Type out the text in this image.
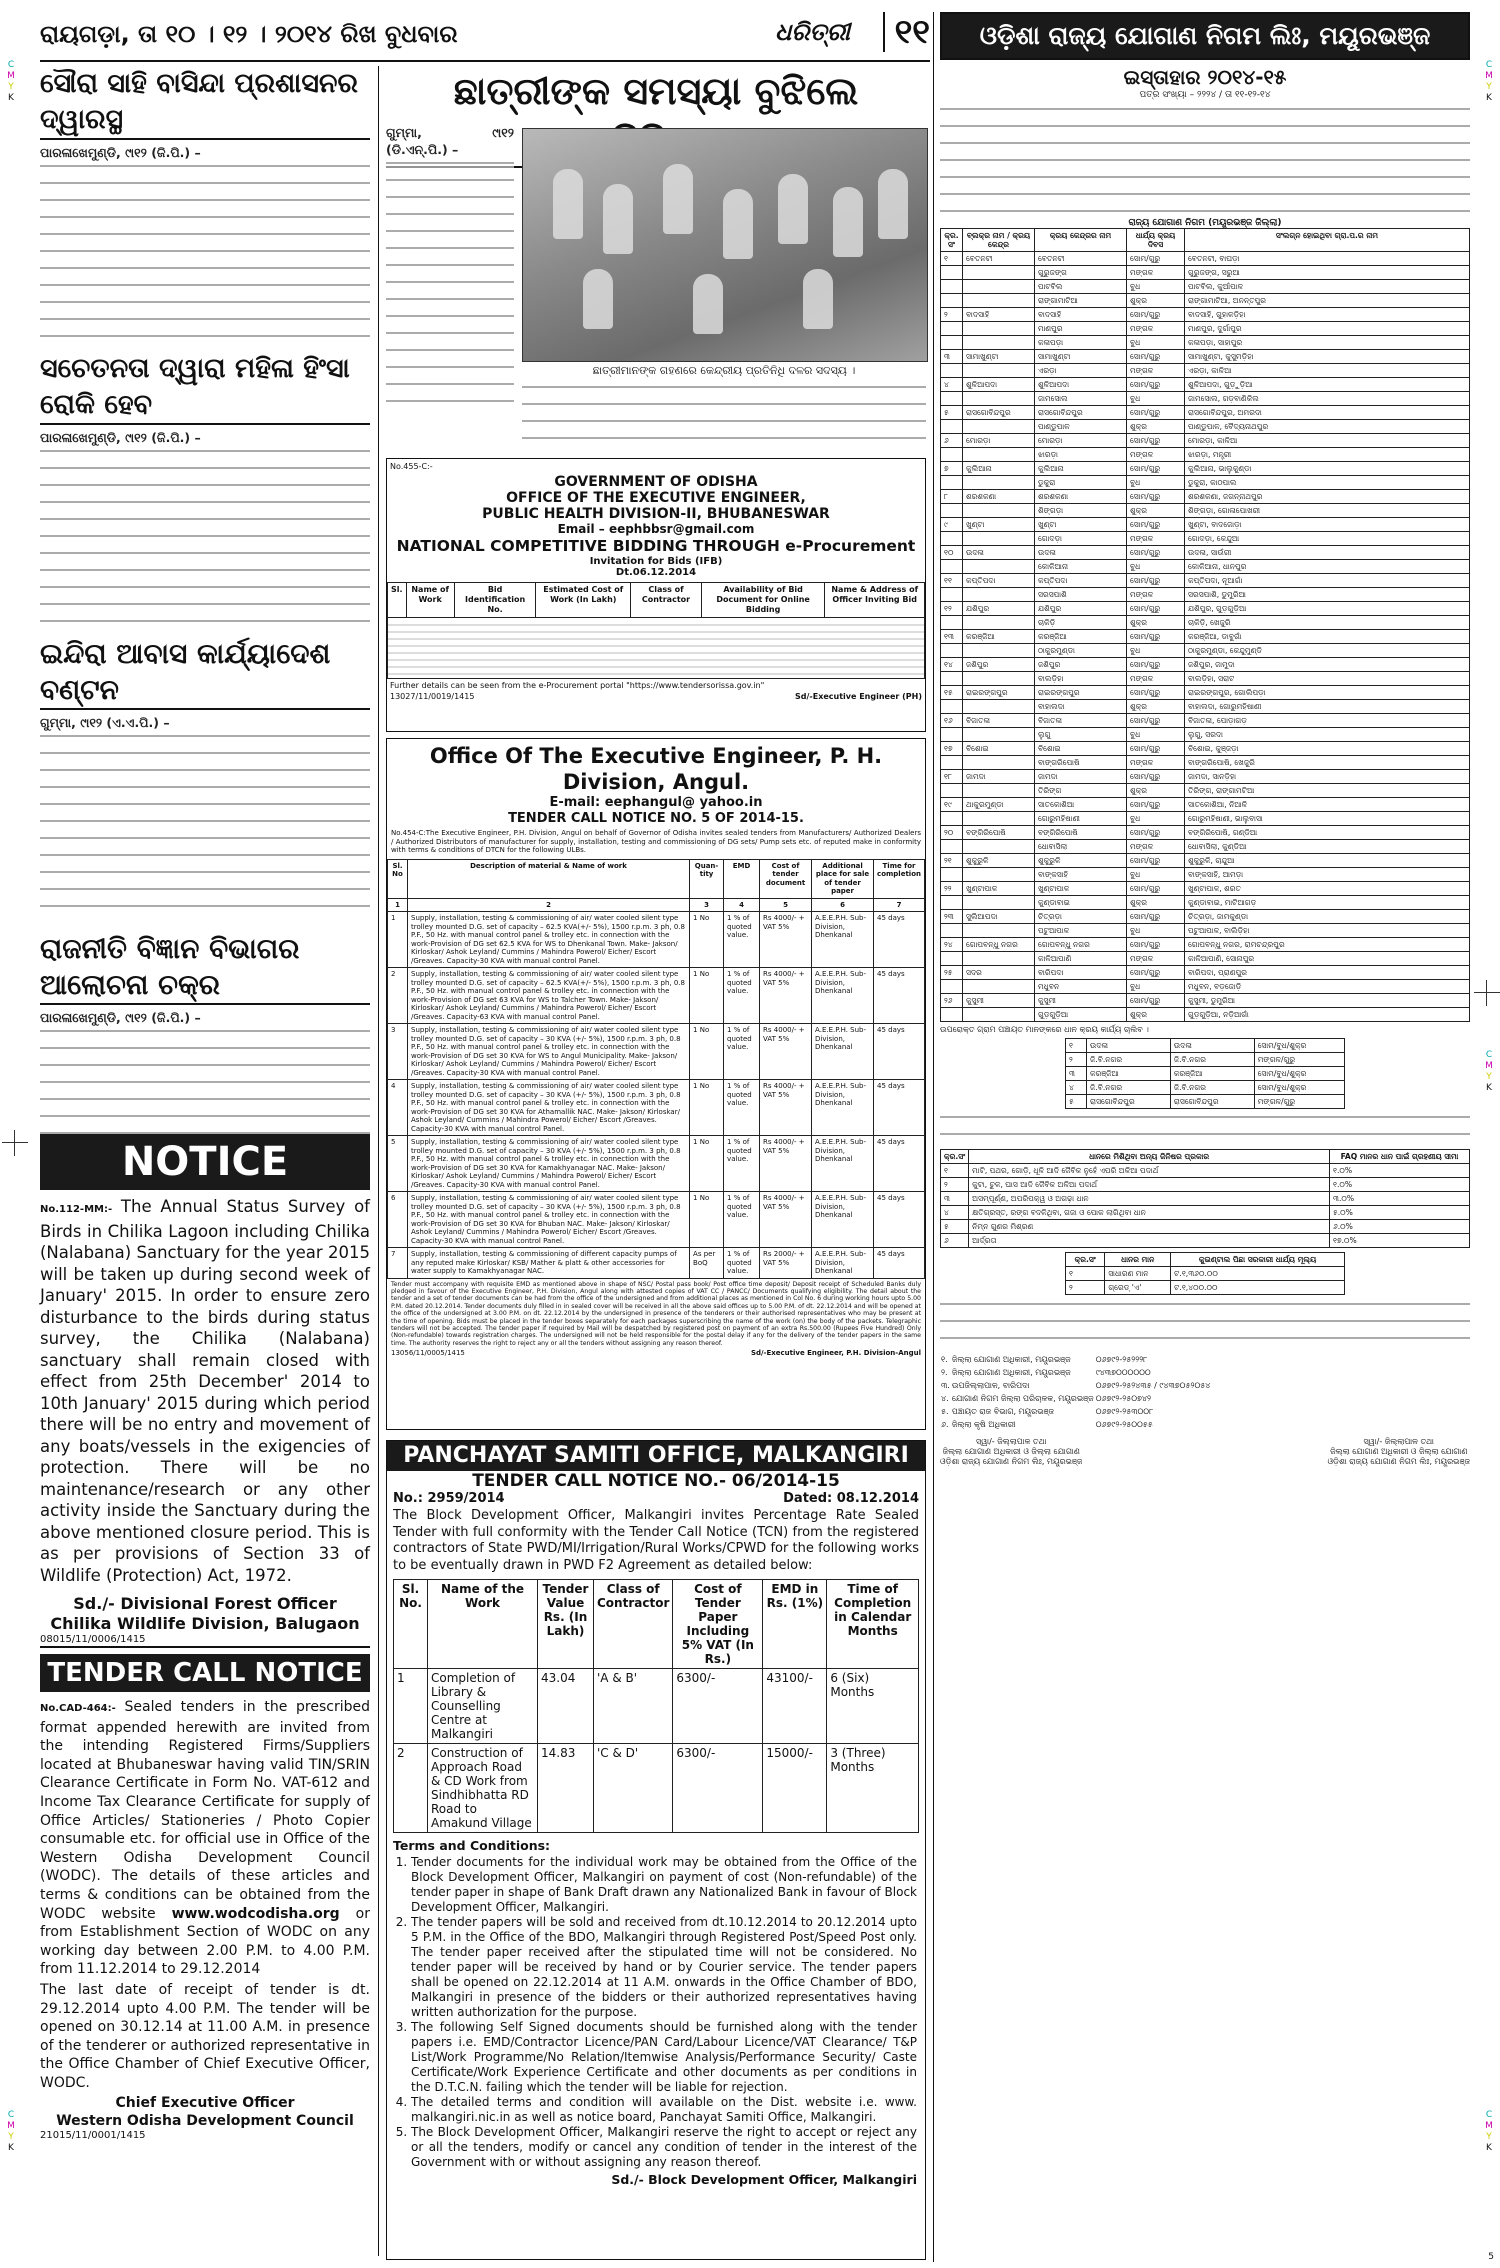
C
M
Y
K
C
M
Y
K
C
M
Y
K
C
M
Y
K
C
M
Y
K
5
ରାୟଗଡ଼ା, ତା ୧୦ । ୧୨ । ୨୦୧୪ ରିଖ ବୁଧବାର	ଧରିତ୍ରୀ	୧୧
ସୌରା ସାହି ବାସିନ୍ଦା ପ୍ରଶାସନର ଦ୍ୱାରସ୍ଥ
ପାରଳାଖେମୁଣ୍ଡି, ୯ା୧୨ (ଜି.ପି.) –
ସଚେତନତା ଦ୍ୱାରା ମହିଳା ହିଂସା ରୋକି ହେବ
ପାରଳାଖେମୁଣ୍ଡି, ୯ା୧୨ (ଜି.ପି.) –
ଇନ୍ଦିରା ଆବାସ କାର୍ଯ୍ୟାଦେଶ ବଣ୍ଟନ
ଗୁମ୍ମା, ୯ା୧୨ (ଏ.ଏ.ପି.) –
ରାଜନୀତି ବିଜ୍ଞାନ ବିଭାଗର ଆଲୋଚନା ଚକ୍ର
ପାରଳାଖେମୁଣ୍ଡି, ୯ା୧୨ (ଜି.ପି.) –
NOTICE
No.112-MM:- The Annual Status Survey of Birds in Chilika Lagoon including Chilika (Nalabana) Sanctuary for the year 2015 will be taken up during second week of January' 2015. In order to ensure zero disturbance to the birds during status survey, the Chilika (Nalabana) sanctuary shall remain closed with effect from 25th December' 2014 to 10th January' 2015 during which period there will be no entry and movement of any boats/vessels in the exigencies of protection. There will be no maintenance/research or any other activity inside the Sanctuary during the above mentioned closure period. This is as per provisions of Section 33 of Wildlife (Protection) Act, 1972.
Sd./- Divisional Forest Officer
Chilika Wildlife Division, Balugaon
08015/11/0006/1415
TENDER CALL NOTICE
No.CAD-464:- Sealed tenders in the prescribed format appended herewith are invited from the intending Registered Firms/Suppliers located at Bhubaneswar having valid TIN/SRIN Clearance Certificate in Form No. VAT-612 and Income Tax Clearance Certificate for supply of Office Articles/ Stationeries / Photo Copier consumable etc. for official use in Office of the Western Odisha Development Council (WODC). The details of these articles and terms & conditions can be obtained from the WODC website www.wodcodisha.org or from Establishment Section of WODC on any working day between 2.00 P.M. to 4.00 P.M. from 11.12.2014 to 29.12.2014
The last date of receipt of tender is dt. 29.12.2014 upto 4.00 P.M. The tender will be opened on 30.12.14 at 11.00 A.M. in presence of the tenderer or authorized representative in the Office Chamber of Chief Executive Officer, WODC.
Chief Executive Officer
Western Odisha Development Council
21015/11/0001/1415
ଛାତ୍ରୀଙ୍କ ସମସ୍ୟା ବୁଝିଲେ
ଗୁମ୍ମା, ୯ା୧୨ (ଡି.ଏନ୍.ପି.) –
ଛାତ୍ରୀମାନଙ୍କ ଗହଣରେ କେନ୍ଦ୍ରୀୟ ପ୍ରତିନିଧି ଦଳର ସଦସ୍ୟ ।
No.455-C:-
GOVERNMENT OF ODISHA
OFFICE OF THE EXECUTIVE ENGINEER,
PUBLIC HEALTH DIVISION-II, BHUBANESWAR
Email – eephbbsr@gmail.com
NATIONAL COMPETITIVE BIDDING THROUGH e-Procurement
Invitation for Bids (IFB)
Dt.06.12.2014
Sl.	Name of Work	Bid Identification No.	Estimated Cost of Work (In Lakh)	Class of Contractor	Availability of Bid Document for Online Bidding	Name & Address of Officer Inviting Bid

Further details can be seen from the e-Procurement portal "https://www.tendersorissa.gov.in"
13027/11/0019/1415	Sd/-Executive Engineer (PH)
Office Of The Executive Engineer, P. H. Division, Angul.
E-mail: eephangul@ yahoo.in
TENDER CALL NOTICE NO. 5 OF 2014-15.
No.454-C:The Executive Engineer, P.H. Division, Angul on behalf of Governor of Odisha invites sealed tenders from Manufacturers/ Authorized Dealers / Authorized Distributors of manufacturer for supply, installation, testing and commissioning of DG sets/ Pump sets etc. of reputed make in conformity with terms & conditions of DTCN for the following ULBs.
Sl. No	Description of material & Name of work	Quan-tity	EMD	Cost of tender document	Additional place for sale of tender paper	Time for completion
1	2	3	4	5	6	7
1	Supply, installation, testing & commissioning of air/ water cooled silent type trolley mounted D.G. set of capacity – 62.5 KVA(+/- 5%), 1500 r.p.m. 3 ph, 0.8 P.F., 50 Hz. with manual control panel & trolley etc. in connection with the work-Provision of DG set 62.5 KVA for WS to Dhenkanal Town. Make- Jakson/ Kirloskar/ Ashok Leyland/ Cummins / Mahindra Powerol/ Eicher/ Escort /Greaves. Capacity-30 KVA with manual control Panel.	1 No	1 % of quoted value.	Rs 4000/- + VAT 5%	A.E.E.P.H. Sub-Division, Dhenkanal	45 days
2	Supply, installation, testing & commissioning of air/ water cooled silent type trolley mounted D.G. set of capacity – 62.5 KVA(+/- 5%), 1500 r.p.m. 3 ph, 0.8 P.F., 50 Hz. with manual control panel & trolley etc. in connection with the work-Provision of DG set 63 KVA for WS to Talcher Town. Make- Jakson/ Kirloskar/ Ashok Leyland/ Cummins / Mahindra Powerol/ Eicher/ Escort /Greaves. Capacity-63 KVA with manual control Panel.	1 No	1 % of quoted value.	Rs 4000/- + VAT 5%	A.E.E.P.H. Sub-Division, Dhenkanal	45 days
3	Supply, installation, testing & commissioning of air/ water cooled silent type trolley mounted D.G. set of capacity – 30 KVA (+/- 5%), 1500 r.p.m. 3 ph, 0.8 P.F., 50 Hz. with manual control panel & trolley etc. in connection with the work-Provision of DG set 30 KVA for WS to Angul Municipality. Make- Jakson/ Kirloskar/ Ashok Leyland/ Cummins / Mahindra Powerol/ Eicher/ Escort /Greaves. Capacity-30 KVA with manual control Panel.	1 No	1 % of quoted value.	Rs 4000/- + VAT 5%	A.E.E.P.H. Sub-Division, Dhenkanal	45 days
4	Supply, installation, testing & commissioning of air/ water cooled silent type trolley mounted D.G. set of capacity – 30 KVA (+/- 5%), 1500 r.p.m. 3 ph, 0.8 P.F., 50 Hz. with manual control panel & trolley etc. in connection with the work-Provision of DG set 30 KVA for Athamallik NAC. Make- Jakson/ Kirloskar/ Ashok Leyland/ Cummins / Mahindra Powerol/ Eicher/ Escort /Greaves. Capacity-30 KVA with manual control Panel.	1 No	1 % of quoted value.	Rs 4000/- + VAT 5%	A.E.E.P.H. Sub-Division, Dhenkanal	45 days
5	Supply, installation, testing & commissioning of air/ water cooled silent type trolley mounted D.G. set of capacity – 30 KVA (+/- 5%), 1500 r.p.m. 3 ph, 0.8 P.F., 50 Hz. with manual control panel & trolley etc. in connection with the work-Provision of DG set 30 KVA for Kamakhyanagar NAC. Make- Jakson/ Kirloskar/ Ashok Leyland/ Cummins / Mahindra Powerol/ Eicher/ Escort /Greaves. Capacity-30 KVA with manual control Panel.	1 No	1 % of quoted value.	Rs 4000/- + VAT 5%	A.E.E.P.H. Sub-Division, Dhenkanal	45 days
6	Supply, installation, testing & commissioning of air/ water cooled silent type trolley mounted D.G. set of capacity – 30 KVA (+/- 5%), 1500 r.p.m. 3 ph, 0.8 P.F., 50 Hz. with manual control panel & trolley etc. in connection with the work-Provision of DG set 30 KVA for Bhuban NAC. Make- Jakson/ Kirloskar/ Ashok Leyland/ Cummins / Mahindra Powerol/ Eicher/ Escort /Greaves. Capacity-30 KVA with manual control Panel.	1 No	1 % of quoted value.	Rs 4000/- + VAT 5%	A.E.E.P.H. Sub-Division, Dhenkanal	45 days
7	Supply, installation, testing & commissioning of different capacity pumps of any reputed make Kirloskar/ KSB/ Mather & platt & other accessories for water supply to Kamakhyanagar NAC.	As per BoQ	1 % of quoted value.	Rs 2000/- + VAT 5%	A.E.E.P.H. Sub-Division, Dhenkanal	45 days
Tender must accompany with requisite EMD as mentioned above in shape of NSC/ Postal pass book/ Post office time deposit/ Deposit receipt of Scheduled Banks duly pledged in favour of the Executive Engineer, P.H. Division, Angul along with attested copies of VAT CC / PANCC/ Documents qualifying eligibility. The detail about the tender and a set of tender documents can be had from the office of the undersigned and from additional places as mentioned in Col No. 6 during working hours upto 5.00 P.M. dated 20.12.2014. Tender documents duly filled in in sealed cover will be received in all the above said offices up to 5.00 P.M. of dt. 22.12.2014 and will be opened at the office of the undersigned at 3.00 P.M. on dt. 22.12.2014 by the undersigned in presence of the tenderers or their authorised representatives who may be present at the time of opening. Bids must be placed in the tender boxes separately for each packages superscribing the name of the work (on) the body of the packets. Telegraphic tenders will not be accepted. The tender paper if required by Mail will be despatched by registered post on payment of an extra Rs.500.00 (Rupees Five Hundred) Only (Non-refundable) towards registration charges. The undersigned will not be held responsible for the postal delay if any for the delivery of the tender papers in the same time. The authority reserves the right to reject any or all the tenders without assigning any reason thereof.
13056/11/0005/1415	Sd/-Executive Engineer, P.H. Division-Angul
PANCHAYAT SAMITI OFFICE, MALKANGIRI
TENDER CALL NOTICE NO.- 06/2014-15
No.: 2959/2014	Dated: 08.12.2014
The Block Development Officer, Malkangiri invites Percentage Rate Sealed Tender with full conformity with the Tender Call Notice (TCN) from the registered contractors of State PWD/MI/Irrigation/Rural Works/CPWD for the following works to be eventually drawn in PWD F2 Agreement as detailed below:
Sl. No.	Name of the Work	Tender Value Rs. (In Lakh)	Class of Contractor	Cost of Tender Paper Including 5% VAT (In Rs.)	EMD in Rs. (1%)	Time of Completion in Calendar Months
1	Completion of Library & Counselling Centre at Malkangiri	43.04	'A & B'	6300/-	43100/-	6 (Six) Months
2	Construction of Approach Road & CD Work from Sindhibhatta RD Road to Amakund Village	14.83	'C & D'	6300/-	15000/-	3 (Three) Months
Terms and Conditions:
1. Tender documents for the individual work may be obtained from the Office of the Block Development Officer, Malkangiri on payment of cost (Non-refundable) of the tender paper in shape of Bank Draft drawn any Nationalized Bank in favour of Block Development Officer, Malkangiri.
2. The tender papers will be sold and received from dt.10.12.2014 to 20.12.2014 upto 5 P.M. in the Office of the BDO, Malkangiri through Registered Post/Speed Post only. The tender paper received after the stipulated time will not be considered. No tender paper will be received by hand or by Courier service. The tender papers shall be opened on 22.12.2014 at 11 A.M. onwards in the Office Chamber of BDO, Malkangiri in presence of the bidders or their authorized representatives having written authorization for the purpose.
3. The following Self Signed documents should be furnished along with the tender papers i.e. EMD/Contractor Licence/PAN Card/Labour Licence/VAT Clearance/ T&P List/Work Programme/No Relation/Itemwise Analysis/Performance Security/ Caste Certificate/Work Experience Certificate and other documents as per conditions in the D.T.C.N. failing which the tender will be liable for rejection.
4. The detailed terms and condition will available on the Dist. website i.e. www. malkangiri.nic.in as well as notice board, Panchayat Samiti Office, Malkangiri.
5. The Block Development Officer, Malkangiri reserve the right to accept or reject any or all the tenders, modify or cancel any condition of tender in the interest of the Government with or without assigning any reason thereof.
Sd./- Block Development Officer, Malkangiri
ଓଡ଼ିଶା ରାଜ୍ୟ ଯୋଗାଣ ନିଗମ ଲିଃ, ମୟୂରଭଞ୍ଜ
ଇସ୍ତାହାର ୨୦୧୪-୧୫
ପତ୍ର ସଂଖ୍ୟା – ୨୨୨୪ / ତା ୧୧-୧୨-୧୪
ରାଜ୍ୟ ଯୋଗାଣ ନିଗମ (ମୟୂରଭଞ୍ଜ ଜିଲ୍ଲା)
କ୍ର. ସଂ	ବ୍ଲକ୍‌ର ନାମ / କ୍ରୟ କେନ୍ଦ୍ର	କ୍ରୟ କେନ୍ଦ୍ରର ନାମ	ଧାର୍ଯ୍ୟ କ୍ରୟ ଦିବସ	ସଂଲଗ୍ନ ହୋଇଥିବା ଗ୍ରା.ପ.ର ନାମ
୧	ବେତନଟୀ	ବେତନଟୀ	ସୋମ/ଗୁରୁ	ବେତନଟୀ, ବାଘଡ଼ା
		ଗୁରୁଜଙ୍ଗ	ମଙ୍ଗଳ	ଗୁରୁଜଙ୍ଗ, ସରୁଆ
		ପାଟବିଲ	ବୁଧ	ପାଟବିଲ, କୁଆଁପାଳ
		ରାଙ୍ଗାମାଟିଆ	ଶୁକ୍ର	ରାଙ୍ଗାମାଟିଆ, ଅନନ୍ତପୁର
୨	ବାଦସାହି	ବାଦସାହି	ସୋମ/ଗୁରୁ	ବାଦସାହି, ଗୁହାଳଡ଼ିହା
		ମାଣପୁର	ମଙ୍ଗଳ	ମାଣପୁର, ଦୁର୍ଗାପୁର
		କଳାପଡ଼ା	ବୁଧ	କଳାପଡ଼ା, ସାହାପୁର
୩	ସାମାଖୁଣ୍ଟା	ସାମାଖୁଣ୍ଟା	ସୋମ/ଗୁରୁ	ସାମାଖୁଣ୍ଟା, କୁସୁମଡ଼ିହା
		ଏରଡ଼ା	ମଙ୍ଗଳ	ଏରଡ଼ା, କାଳିଆ
୪	ଶୁଳିଆପଦା	ଶୁଳିଆପଦା	ସୋମ/ଗୁରୁ	ଶୁଳିଆପଦା, ଗୁଡ଼ୁଡ଼ିଆ
		ଜାମସୋଲ	ବୁଧ	ଜାମସୋଲ, ଗଡ଼ବାଣିକିଲ
୫	ରାସଗୋବିନ୍ଦପୁର	ରାସଗୋବିନ୍ଦପୁର	ସୋମ/ଗୁରୁ	ରାସଗୋବିନ୍ଦପୁର, ଅମରଦା
		ପାଣ୍ଡୁପାଳ	ଶୁକ୍ର	ପାଣ୍ଡୁପାଳ, ବୈଦ୍ୟନାଥପୁର
୬	ମୋରଡ଼ା	ମୋରଡ଼ା	ସୋମ/ଗୁରୁ	ମୋରଡ଼ା, କାଳିଆ
		ଝାରଡ଼ା	ମଙ୍ଗଳ	ଝାରଡ଼ା, ମନ୍ତ୍ରୀ
୭	କୁଲିଆନା	କୁଲିଆନା	ସୋମ/ଗୁରୁ	କୁଲିଆନା, ଭାଲୁକୁଣ୍ଡା
		ଡୁକୁରା	ବୁଧ	ଡୁକୁରା, କାଠପାଲ
୮	ଶରଶକଣା	ଶରଶକଣା	ସୋମ/ଗୁରୁ	ଶରଶକଣା, ଜଗନ୍ନାଥପୁର
		ଶିଙ୍ଗଡ଼ା	ଶୁକ୍ର	ଶିଙ୍ଗଡ଼ା, ଗୋଳାପୋଖରୀ
୯	ଖୁଣ୍ଟା	ଖୁଣ୍ଟା	ସୋମ/ଗୁରୁ	ଖୁଣ୍ଟା, ବାଦଜୋଡ଼ା
		ଗୋଦଡ଼ା	ମଙ୍ଗଳ	ଗୋଦଡ଼ା, କେନ୍ଦୁଆ
୧୦	ଉଦଳା	ଉଦଳା	ସୋମ/ଗୁରୁ	ଉଦଳା, ସାଉଁରୀ
		କୋଳିଆନା	ବୁଧ	କୋଳିଆନା, ଧାନପୁର
୧୧	କପ୍ତିପଦା	କପ୍ତିପଦା	ସୋମ/ଗୁରୁ	କପ୍ତିପଦା, ନୂଆଗାଁ
		ସରସପାଶି	ମଙ୍ଗଳ	ସରସପାଶି, ଡୁମୁରିଆ
୧୨	ଯଶିପୁର	ଯଶିପୁର	ସୋମ/ଗୁରୁ	ଯଶିପୁର, ଗୁଡ଼ଗୁଡ଼ିଆ
		ଚାକିଡ଼ି	ଶୁକ୍ର	ଚାକିଡ଼ି, ଖେଜୁରି
୧୩	କରଞ୍ଜିଆ	କରଞ୍ଜିଆ	ସୋମ/ଗୁରୁ	କରଞ୍ଜିଆ, ଡାବୁଗାଁ
		ଠାକୁରମୁଣ୍ଡା	ବୁଧ	ଠାକୁରମୁଣ୍ଡା, କେନ୍ଦୁମୁଣ୍ଡି
୧୪	ଜଶିପୁର	ଜଶିପୁର	ସୋମ/ଗୁରୁ	ଜଶିପୁର, ଜାମୁଦା
		ବାଲଡ଼ିହା	ମଙ୍ଗଳ	ବାଲଡ଼ିହା, ସରାଟ
୧୫	ରାଇରଙ୍ଗପୁର	ରାଇରଙ୍ଗପୁର	ସୋମ/ଗୁରୁ	ରାଇରଙ୍ଗପୁର, ଗୋଲିପଡ଼ା
		ବାହାଲଦା	ଶୁକ୍ର	ବାହାଲଦା, ଗୋରୁମହିଷାଣୀ
୧୬	ବିଜାତଳା	ବିଜାତଳା	ସୋମ/ଗୁରୁ	ବିଜାତଳା, ପୋଡ଼ାଗଡ଼
		ଲୁଗୁ	ବୁଧ	ଲୁଗୁ, ସରଦା
୧୭	ବିଶୋଇ	ବିଶୋଇ	ସୋମ/ଗୁରୁ	ବିଶୋଇ, କୁଞ୍ଜଡ଼ା
		ବାଙ୍ଗରିପୋଷି	ମଙ୍ଗଳ	ବାଙ୍ଗରିପୋଷି, ଖେଜୁରି
୧୮	ଜାମଦା	ଜାମଦା	ସୋମ/ଗୁରୁ	ଜାମଦା, ସାନଡ଼ିହା
		ତିରିଙ୍ଗ	ଶୁକ୍ର	ତିରିଙ୍ଗ, ରାଙ୍ଗାମଟିଆ
୧୯	ଥାକୁରମୁଣ୍ଡା	ସାତକୋଶିଆ	ସୋମ/ଗୁରୁ	ସାତକୋଶିଆ, ନିଆଳି
		ଗୋରୁମହିଷାଣୀ	ବୁଧ	ଗୋରୁମହିଷାଣୀ, ଭାଲୁବାସା
୨୦	ବଙ୍ଗିରିପୋଷି	ବଙ୍ଗିରିପୋଷି	ସୋମ/ଗୁରୁ	ବଙ୍ଗିରିପୋଷି, ଗଣ୍ଡିଆ
		ଧୋବାସିଲା	ମଙ୍ଗଳ	ଧୋବାସିଲା, କୁଣ୍ଡିଆ
୨୧	ଶୁକୁରୁଳି	ଶୁକୁରୁଳି	ସୋମ/ଗୁରୁ	ଶୁକୁରୁଳି, ଚାନ୍ଦୁଆ
		ବାଙ୍କସାହି	ବୁଧ	ବାଙ୍କସାହି, ଆମଡ଼ା
୨୨	ଖୁଣ୍ଟାପାଳ	ଖୁଣ୍ଟାପାଳ	ସୋମ/ଗୁରୁ	ଖୁଣ୍ଟାପାଳ, ଶରତ
		କୁଣ୍ଡାବାଇ	ଶୁକ୍ର	କୁଣ୍ଡାବାଇ, ମାଟିଆଗଡ଼
୨୩	ସୁଲିଆପଦା	ଚିତ୍ରଡ଼ା	ସୋମ/ଗୁରୁ	ଚିତ୍ରଡ଼ା, ଜାମକୁଣ୍ଡା
		ପଟୁଆପାଳ	ବୁଧ	ପଟୁଆପାଳ, ବାଲିଡ଼ିହା
୨୪	ଗୋପବନ୍ଧୁ ନଗର	ଗୋପବନ୍ଧୁ ନଗର	ସୋମ/ଗୁରୁ	ଗୋପବନ୍ଧୁ ନଗର, ରାମଚନ୍ଦ୍ରପୁର
		କାଳିଆପାଣି	ମଙ୍ଗଳ	କାଳିଆପାଣି, ସୋନାପୁର
୨୫	ସଦର	ବାରିପଦା	ସୋମ/ଗୁରୁ	ବାରିପଦା, ପ୍ରାଣପୁର
		ମଧୁବନ	ବୁଧ	ମଧୁବନ, ବଡ଼ଜୋଡ଼ି
୨୬	କୁସୁମୀ	କୁସୁମୀ	ସୋମ/ଗୁରୁ	କୁସୁମୀ, ଡୁମୁରିଆ
		ଗୁଡ଼ଗୁଡ଼ିଆ	ଶୁକ୍ର	ଗୁଡ଼ଗୁଡ଼ିଆ, ନଡ଼ିଆଗାଁ
ଉପରୋକ୍ତ ଗ୍ରାମ ପଞ୍ଚାୟତ ମାନଙ୍କରେ ଧାନ କ୍ରୟ କାର୍ଯ୍ୟ ଚାଲିବ ।
୧	ଉଦଳା	ଉଦଳା	ସୋମ/ବୁଧ/ଶୁକ୍ର
୨	ଜି.ବି.ନଗର	ଜି.ବି.ନଗର	ମଙ୍ଗଳ/ଗୁରୁ
୩	କରଞ୍ଜିଆ	କରଞ୍ଜିଆ	ସୋମ/ବୁଧ/ଶୁକ୍ର
୪	ଜି.ବି.ନଗର	ଜି.ବି.ନଗର	ସୋମ/ବୁଧ/ଶୁକ୍ର
୫	ରାସଗୋବିନ୍ଦପୁର	ରାସଗୋବିନ୍ଦପୁର	ମଙ୍ଗଳ/ଗୁରୁ
କ୍ର.ସଂ	ଧାନରେ ମିଶିଥିବା ଅନ୍ୟ ଜିନିଷର ପ୍ରକାର	FAQ ମାନର ଧାନ ପାଇଁ ଗ୍ରହଣୀୟ ସୀମା
୧	ମାଟି, ପଥର, ଗୋଡ଼ି, ଧୂଳି ଆଦି ଜୈବିକ ନୁହେଁ ଏପରି ଅଳିଆ ପଦାର୍ଥ	୧.୦%
୨	କୁଟା, ଚୁଳ, ଘାସ ଆଦି ଜୈବିକ ଅଳିଆ ପଦାର୍ଥ	୧.୦%
୩	ଅସମ୍ପୂର୍ଣ୍ଣ, ଅପରିପକ୍ୱ ଓ ଅଗଢ଼ା ଧାନ	୩.୦%
୪	କ୍ଷତିଗ୍ରସ୍ତ, ରଙ୍ଗ ବଦଳିଥିବା, ଗଜା ଓ ପୋକ ଲାଗିଥିବା ଧାନ	୫.୦%
୫	ନିମ୍ନ ଗୁଣର ମିଶ୍ରଣ	୬.୦%
୬	ଆର୍ଦ୍ରତା	୧୭.୦%
କ୍ର.ସଂ	ଧାନର ମାନ	କୁଇଣ୍ଟାଲ ପିଛା ସରକାରୀ ଧାର୍ଯ୍ୟ ମୂଲ୍ୟ
୧	ସାଧାରଣ ମାନ	ଟ.୧,୩୬୦.୦୦
୨	ଗ୍ରେଡ୍ 'ଏ'	ଟ.୧,୪୦୦.୦୦
୧.	ଜିଲ୍ଲା ଯୋଗାଣ ଅଧିକାରୀ, ମୟୂରଭଞ୍ଜ	୦୬୭୯୨-୨୫୨୨୨୮
୨.	ଜିଲ୍ଲା ଯୋଗାଣ ଅଧିକାରୀ, ମୟୂରଭଞ୍ଜ	୯୪୩୭୦୦୦୦୦୦
୩.	ଉପଜିଲ୍ଲାପାଳ, ବାରିପଦା	୦୬୭୯୨-୨୫୨୪୩୫ / ୯୪୩୭୦୫୨୦୫୪
୪.	ଯୋଗାଣ ନିଗମ ଜିଲ୍ଲା ପରିଚାଳକ, ମୟୂରଭଞ୍ଜ	୦୬୭୯୨-୨୫୦୭୪୨
୫.	ପଞ୍ଚାୟତ ରାଜ ବିଭାଗ, ମୟୂରଭଞ୍ଜ	୦୬୭୯୨-୨୫୩୦୦୮
୬.	ଜିଲ୍ଲା କୃଷି ଅଧିକାରୀ	୦୬୭୯୨-୨୫୦୦୫୫
ସ୍ୱା/- ଜିଲ୍ଲାପାଳ ତଥା
ଜିଲ୍ଲା ଯୋଗାଣ ଅଧିକାରୀ ଓ ଜିଲ୍ଲା ଯୋଗାଣ
ଓଡ଼ିଶା ରାଜ୍ୟ ଯୋଗାଣ ନିଗମ ଲିଃ, ମୟୂରଭଞ୍ଜ
ସ୍ୱା/- ଜିଲ୍ଲାପାଳ ତଥା
ଜିଲ୍ଲା ଯୋଗାଣ ଅଧିକାରୀ ଓ ଜିଲ୍ଲା ଯୋଗାଣ
ଓଡ଼ିଶା ରାଜ୍ୟ ଯୋଗାଣ ନିଗମ ଲିଃ, ମୟୂରଭଞ୍ଜ
